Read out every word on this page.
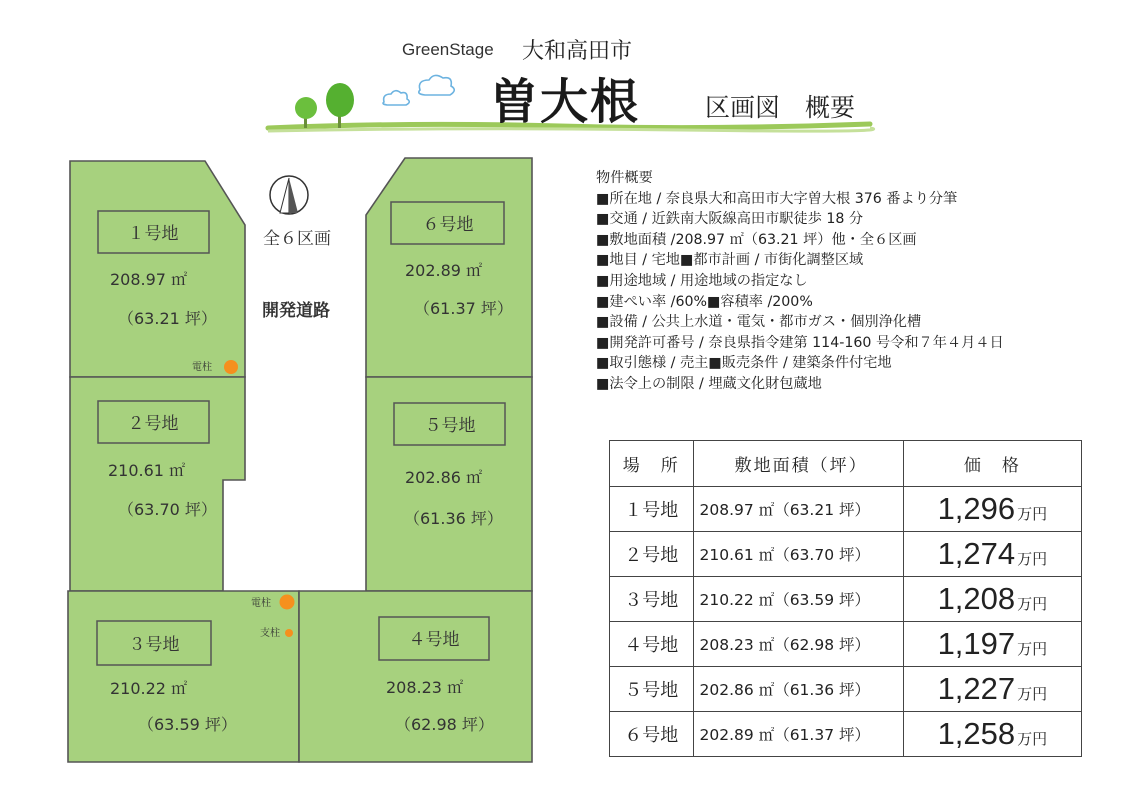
GreenStage 大和高田市
曽大根	区画図　概要
１号地
208.97 ㎡
（63.21 坪）
６号地
202.89 ㎡
（61.37 坪）
２号地
210.61 ㎡
（63.70 坪）
５号地
202.86 ㎡
（61.36 坪）
３号地
210.22 ㎡
（63.59 坪）
４号地
208.23 ㎡
（62.98 坪）
全６区画
開発道路
電柱
電柱
支柱
物件概要
■所在地 / 奈良県大和高田市大字曽大根 376 番より分筆
■交通 / 近鉄南大阪線高田市駅徒歩 18 分
■敷地面積 /208.97 ㎡（63.21 坪）他・全６区画
■地目 / 宅地■都市計画 / 市街化調整区域
■用途地域 / 用途地域の指定なし
■建ぺい率 /60%■容積率 /200%
■設備 / 公共上水道・電気・都市ガス・個別浄化槽
■開発許可番号 / 奈良県指令建第 114-160 号令和７年４月４日
■取引態様 / 売主■販売条件 / 建築条件付宅地
■法令上の制限 / 埋蔵文化財包蔵地
場　所	敷地面積（坪）	価　格
１号地	208.97 ㎡（63.21 坪）	1,296 万円
２号地	210.61 ㎡（63.70 坪）	1,274 万円
３号地	210.22 ㎡（63.59 坪）	1,208 万円
４号地	208.23 ㎡（62.98 坪）	1,197 万円
５号地	202.86 ㎡（61.36 坪）	1,227 万円
６号地	202.89 ㎡（61.37 坪）	1,258 万円
